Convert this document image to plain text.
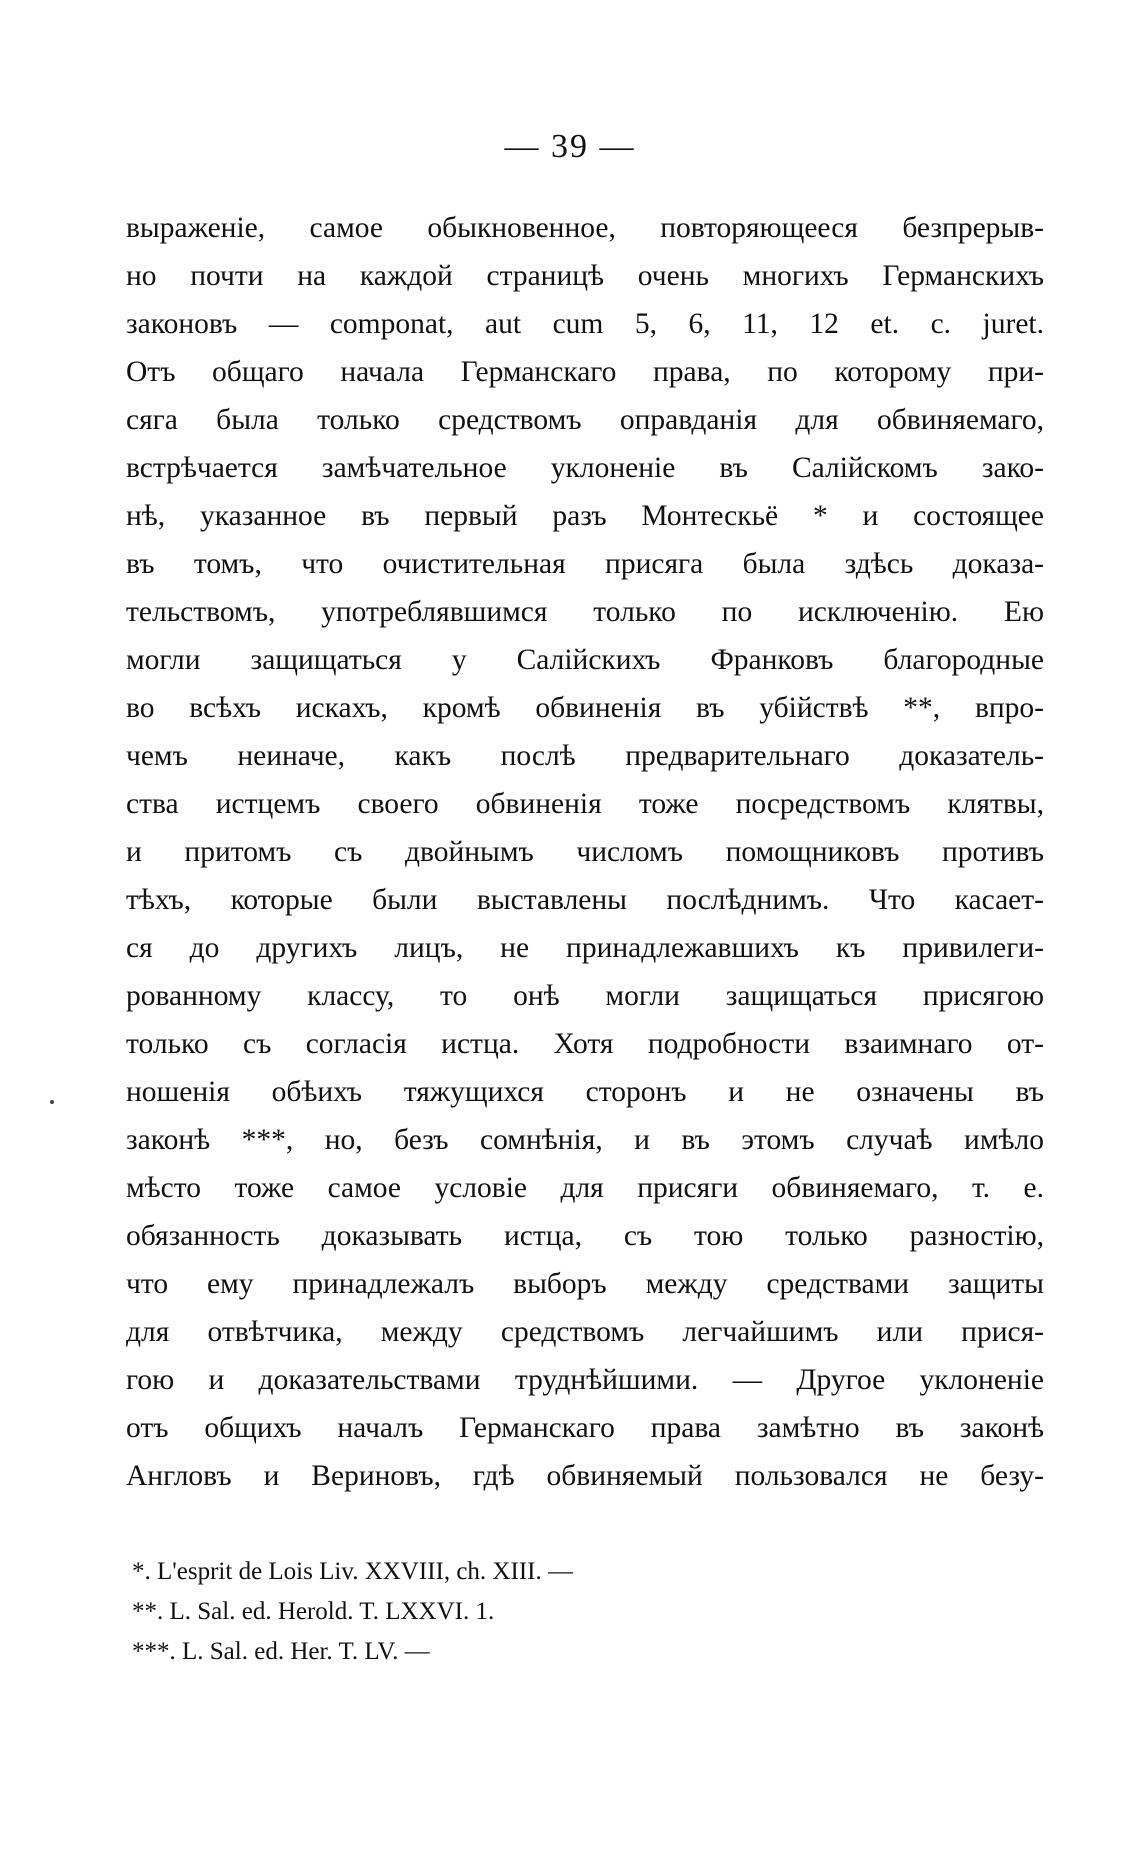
— 39 —
выраженіе, самое обыкновенное, повторяющееся безпрерыв-
но почти на каждой страницѣ очень многихъ Германскихъ
законовъ — componat, aut cum 5, 6, 11, 12 et. c. juret.
Отъ общаго начала Германскаго права, по которому при-
сяга была только средствомъ оправданія для обвиняемаго,
встрѣчается замѣчательное уклоненіе въ Салійскомъ зако-
нѣ, указанное въ первый разъ Монтескьё * и состоящее
въ томъ, что очистительная присяга была здѣсь доказа-
тельствомъ, употреблявшимся только по исключенію. Ею
могли защищаться у Салійскихъ Франковъ благородные
во всѣхъ искахъ, кромѣ обвиненія въ убійствѣ **, впро-
чемъ неиначе, какъ послѣ предварительнаго доказатель-
ства истцемъ своего обвиненія тоже посредствомъ клятвы,
и притомъ съ двойнымъ числомъ помощниковъ противъ
тѣхъ, которые были выставлены послѣднимъ. Что касает-
ся до другихъ лицъ, не принадлежавшихъ къ привилеги-
рованному классу, то онѣ могли защищаться присягою
только съ согласія истца. Хотя подробности взаимнаго от-
ношенія обѣихъ тяжущихся сторонъ и не означены въ
законѣ ***, но, безъ сомнѣнія, и въ этомъ случаѣ имѣло
мѣсто тоже самое условіе для присяги обвиняемаго, т. е.
обязанность доказывать истца, съ тою только разностію,
что ему принадлежалъ выборъ между средствами защиты
для отвѣтчика, между средствомъ легчайшимъ или прися-
гою и доказательствами труднѣйшими. — Другое уклоненіе
отъ общихъ началъ Германскаго права замѣтно въ законѣ
Англовъ и Вериновъ, гдѣ обвиняемый пользовался не безу-
*. L'esprit de Lois Liv. XXVIII, ch. XIII. —
**. L. Sal. ed. Herold. T. LXXVI. 1.
***. L. Sal. ed. Her. T. LV. —
